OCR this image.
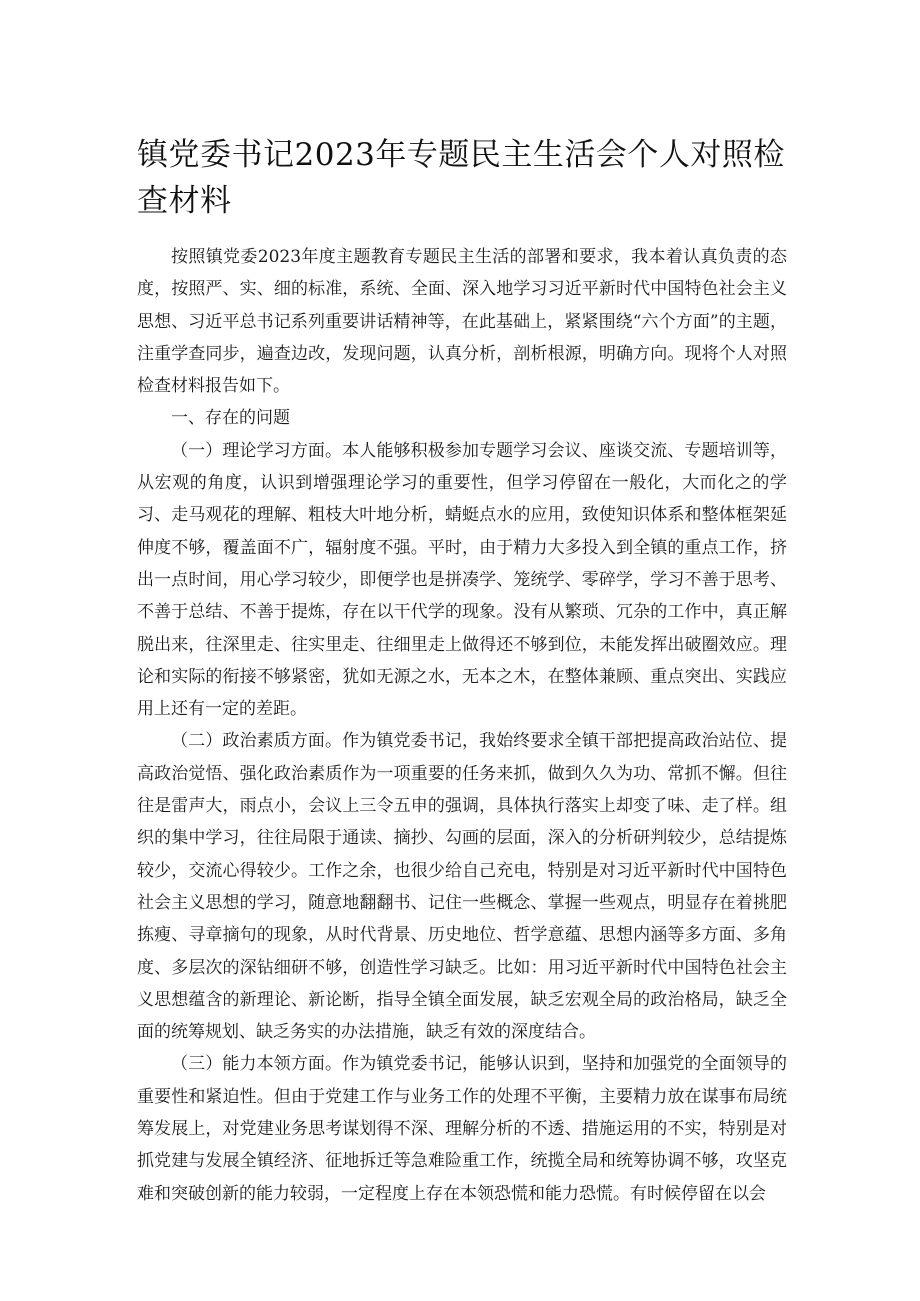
镇党委书记2023年专题民主生活会个人对照检查材料

按照镇党委2023年度主题教育专题民主生活的部署和要求，我本着认真负责的态度，按照严、实、细的标准，系统、全面、深入地学习习近平新时代中国特色社会主义思想、习近平总书记系列重要讲话精神等，在此基础上，紧紧围绕“六个方面”的主题，注重学查同步，遍查边改，发现问题，认真分析，剖析根源，明确方向。现将个人对照检查材料报告如下。

一、存在的问题

（一）理论学习方面。本人能够积极参加专题学习会议、座谈交流、专题培训等，从宏观的角度，认识到增强理论学习的重要性，但学习停留在一般化，大而化之的学习、走马观花的理解、粗枝大叶地分析，蜻蜓点水的应用，致使知识体系和整体框架延伸度不够，覆盖面不广，辐射度不强。平时，由于精力大多投入到全镇的重点工作，挤出一点时间，用心学习较少，即便学也是拼凑学、笼统学、零碎学，学习不善于思考、不善于总结、不善于提炼，存在以干代学的现象。没有从繁琐、冗杂的工作中，真正解脱出来，往深里走、往实里走、往细里走上做得还不够到位，未能发挥出破圈效应。理论和实际的衔接不够紧密，犹如无源之水，无本之木，在整体兼顾、重点突出、实践应用上还有一定的差距。

（二）政治素质方面。作为镇党委书记，我始终要求全镇干部把提高政治站位、提高政治觉悟、强化政治素质作为一项重要的任务来抓，做到久久为功、常抓不懈。但往往是雷声大，雨点小，会议上三令五申的强调，具体执行落实上却变了味、走了样。组织的集中学习，往往局限于通读、摘抄、勾画的层面，深入的分析研判较少，总结提炼较少，交流心得较少。工作之余，也很少给自己充电，特别是对习近平新时代中国特色社会主义思想的学习，随意地翻翻书、记住一些概念、掌握一些观点，明显存在着挑肥拣瘦、寻章摘句的现象，从时代背景、历史地位、哲学意蕴、思想内涵等多方面、多角度、多层次的深钻细研不够，创造性学习缺乏。比如：用习近平新时代中国特色社会主义思想蕴含的新理论、新论断，指导全镇全面发展，缺乏宏观全局的政治格局，缺乏全面的统筹规划、缺乏务实的办法措施，缺乏有效的深度结合。

（三）能力本领方面。作为镇党委书记，能够认识到，坚持和加强党的全面领导的重要性和紧迫性。但由于党建工作与业务工作的处理不平衡，主要精力放在谋事布局统筹发展上，对党建业务思考谋划得不深、理解分析的不透、措施运用的不实，特别是对抓党建与发展全镇经济、征地拆迁等急难险重工作，统揽全局和统筹协调不够，攻坚克难和突破创新的能力较弱，一定程度上存在本领恐慌和能力恐慌。有时候停留在以会
